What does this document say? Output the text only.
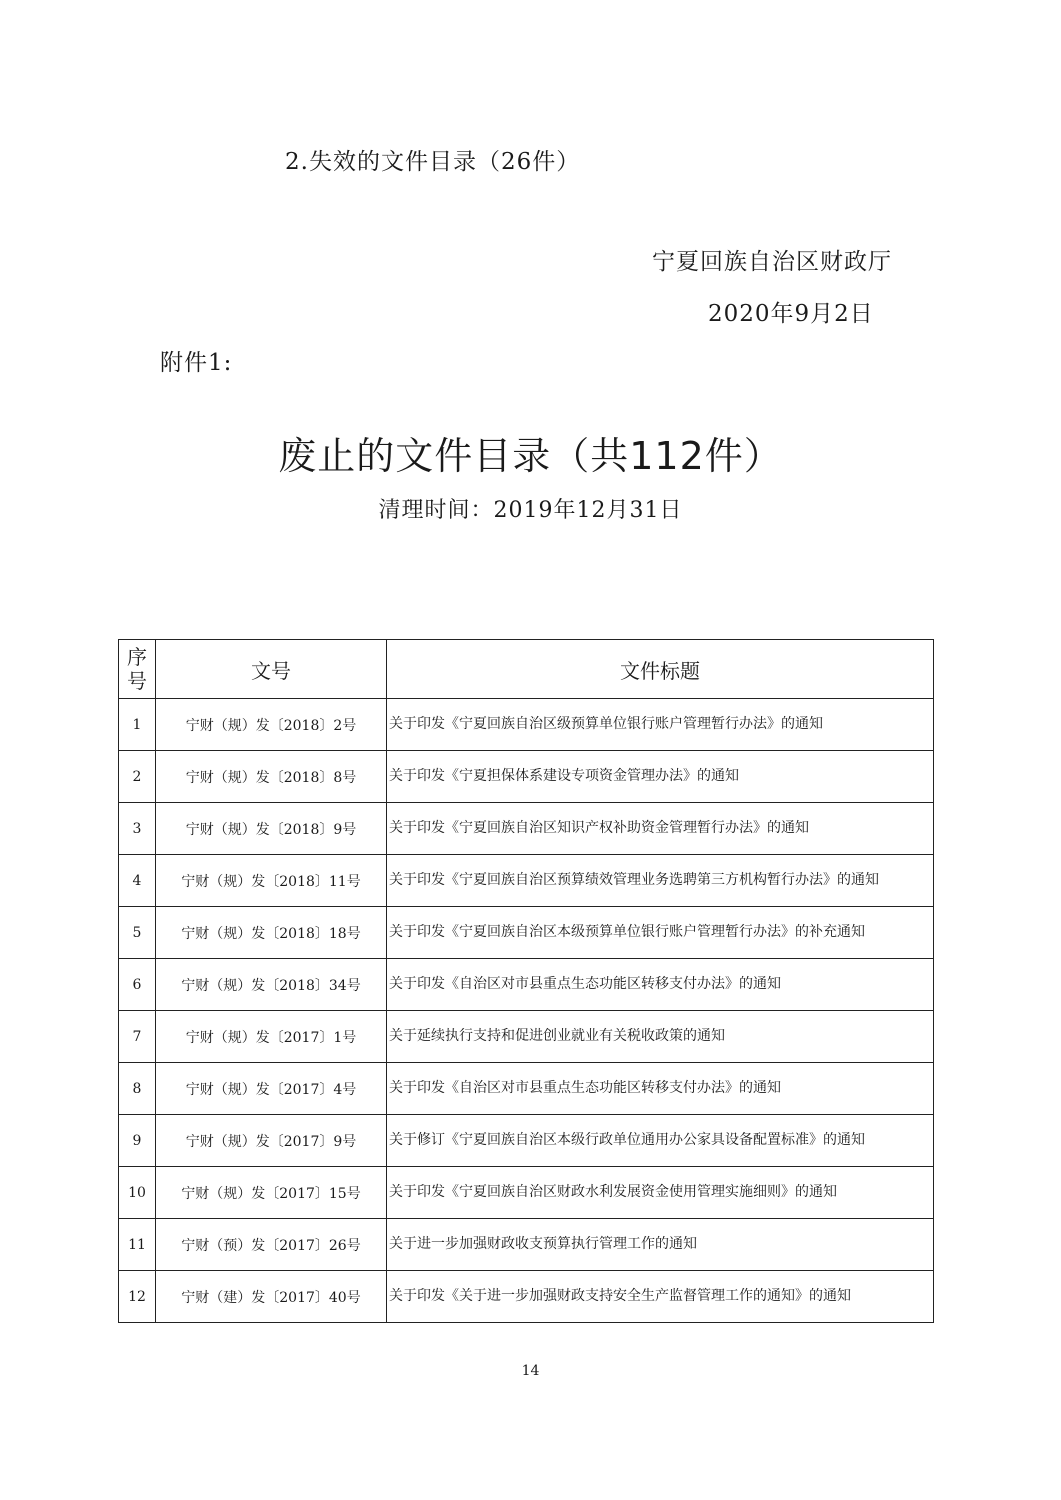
2.失效的文件目录（26件）
宁夏回族自治区财政厅
2020年9月2日
附件1:
废止的文件目录（共112件）
清理时间：2019年12月31日
序
号	文号	文件标题
1	宁财（规）发〔2018〕2号	关于印发《宁夏回族自治区级预算单位银行账户管理暂行办法》的通知
2	宁财（规）发〔2018〕8号	关于印发《宁夏担保体系建设专项资金管理办法》的通知
3	宁财（规）发〔2018〕9号	关于印发《宁夏回族自治区知识产权补助资金管理暂行办法》的通知
4	宁财（规）发〔2018〕11号	关于印发《宁夏回族自治区预算绩效管理业务选聘第三方机构暂行办法》的通知
5	宁财（规）发〔2018〕18号	关于印发《宁夏回族自治区本级预算单位银行账户管理暂行办法》的补充通知
6	宁财（规）发〔2018〕34号	关于印发《自治区对市县重点生态功能区转移支付办法》的通知
7	宁财（规）发〔2017〕1号	关于延续执行支持和促进创业就业有关税收政策的通知
8	宁财（规）发〔2017〕4号	关于印发《自治区对市县重点生态功能区转移支付办法》的通知
9	宁财（规）发〔2017〕9号	关于修订《宁夏回族自治区本级行政单位通用办公家具设备配置标准》的通知
10	宁财（规）发〔2017〕15号	关于印发《宁夏回族自治区财政水利发展资金使用管理实施细则》的通知
11	宁财（预）发〔2017〕26号	关于进一步加强财政收支预算执行管理工作的通知
12	宁财（建）发〔2017〕40号	关于印发《关于进一步加强财政支持安全生产监督管理工作的通知》的通知
14
